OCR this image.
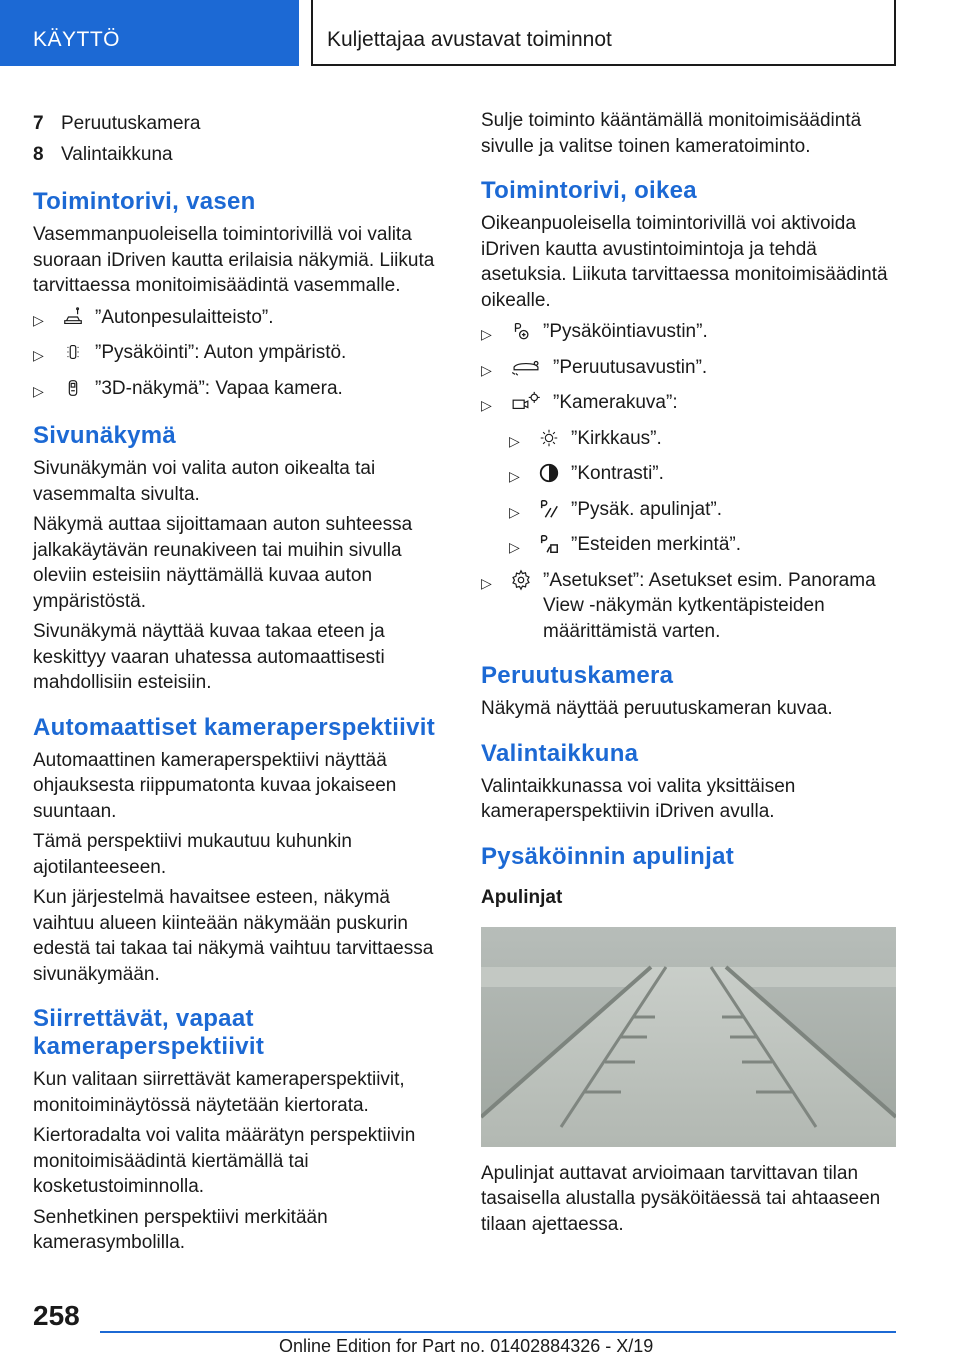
KÄYTTÖ	Kuljettajaa avustavat toiminnot
7 Peruutuskamera
8 Valintaikkuna
Toimintorivi, vasen

Vasemmanpuoleisella toimintorivillä voi valita suoraan iDriven kautta erilaisia näkymiä. Liikuta tarvittaessa monitoimisäädintä vasemmalle.

▷	”Autonpesulaitteisto”.
▷	”Pysäköinti”: Auton ympäristö.
▷	”3D-näkymä”: Vapaa kamera.
Sivunäkymä

Sivunäkymän voi valita auton oikealta tai vasemmalta sivulta.

Näkymä auttaa sijoittamaan auton suhteessa jalkakäytävän reunakiveen tai muihin sivulla oleviin esteisiin näyttämällä kuvaa auton ympäristöstä.

Sivunäkymä näyttää kuvaa takaa eteen ja keskittyy vaaran uhatessa automaattisesti mahdollisiin esteisiin.

Automaattiset kameraperspektiivit

Automaattinen kameraperspektiivi näyttää ohjauksesta riippumatonta kuvaa jokaiseen suuntaan.

Tämä perspektiivi mukautuu kuhunkin ajotilanteeseen.

Kun järjestelmä havaitsee esteen, näkymä vaihtuu alueen kiinteään näkymään puskurin edestä tai takaa tai näkymä vaihtuu tarvittaessa sivunäkymään.

Siirrettävät, vapaat
kameraperspektiivit

Kun valitaan siirrettävät kameraperspektiivit, monitoiminäytössä näytetään kiertorata.

Kiertoradalta voi valita määrätyn perspektiivin monitoimisäädintä kiertämällä tai kosketustoiminnolla.

Senhetkinen perspektiivi merkitään kamerasymbolilla.

Sulje toiminto kääntämällä monitoimisäädintä sivulle ja valitse toinen kameratoiminto.

Toimintorivi, oikea

Oikeanpuoleisella toimintorivillä voi aktivoida iDriven kautta avustintoimintoja ja tehdä asetuksia. Liikuta tarvittaessa monitoimisäädintä oikealle.

▷	”Pysäköintiavustin”.
▷	”Peruutusavustin”.
▷	”Kamerakuva”:
▷	”Kirkkaus”.
▷	”Kontrasti”.
▷	”Pysäk. apulinjat”.
▷	”Esteiden merkintä”.
▷	”Asetukset”: Asetukset esim. Panorama View -näkymän kytkentäpisteiden määrittämistä varten.
Peruutuskamera

Näkymä näyttää peruutuskameran kuvaa.

Valintaikkuna

Valintaikkunassa voi valita yksittäisen kameraperspektiivin iDriven avulla.

Pysäköinnin apulinjat
Apulinjat

Apulinjat auttavat arvioimaan tarvittavan tilan tasaisella alustalla pysäköitäessä tai ahtaaseen tilaan ajettaessa.

258
Online Edition for Part no. 01402884326 - X/19
